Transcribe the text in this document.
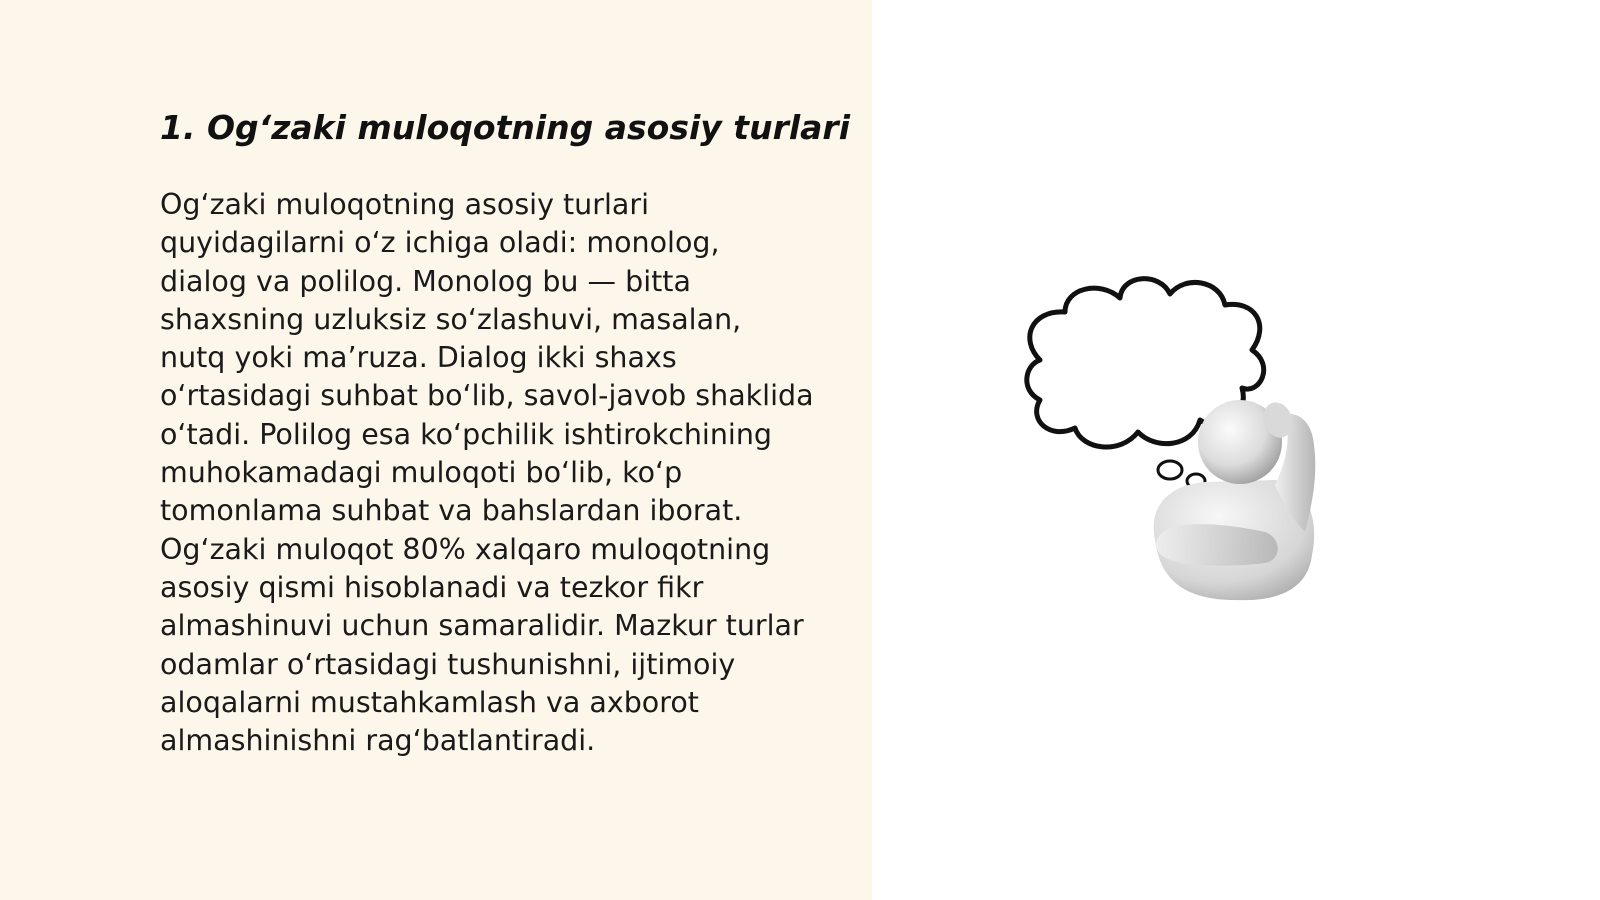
1. Og‘zaki muloqotning asosiy turlari

Og‘zaki muloqotning asosiy turlari
quyidagilarni o‘z ichiga oladi: monolog,
dialog va polilog. Monolog bu — bitta
shaxsning uzluksiz so‘zlashuvi, masalan,
nutq yoki ma’ruza. Dialog ikki shaxs
o‘rtasidagi suhbat bo‘lib, savol-javob shaklida
o‘tadi. Polilog esa ko‘pchilik ishtirokchining
muhokamadagi muloqoti bo‘lib, ko‘p
tomonlama suhbat va bahslardan iborat.
Og‘zaki muloqot 80% xalqaro muloqotning
asosiy qismi hisoblanadi va tezkor fikr
almashinuvi uchun samaralidir. Mazkur turlar
odamlar o‘rtasidagi tushunishni, ijtimoiy
aloqalarni mustahkamlash va axborot
almashinishni rag‘batlantiradi.
